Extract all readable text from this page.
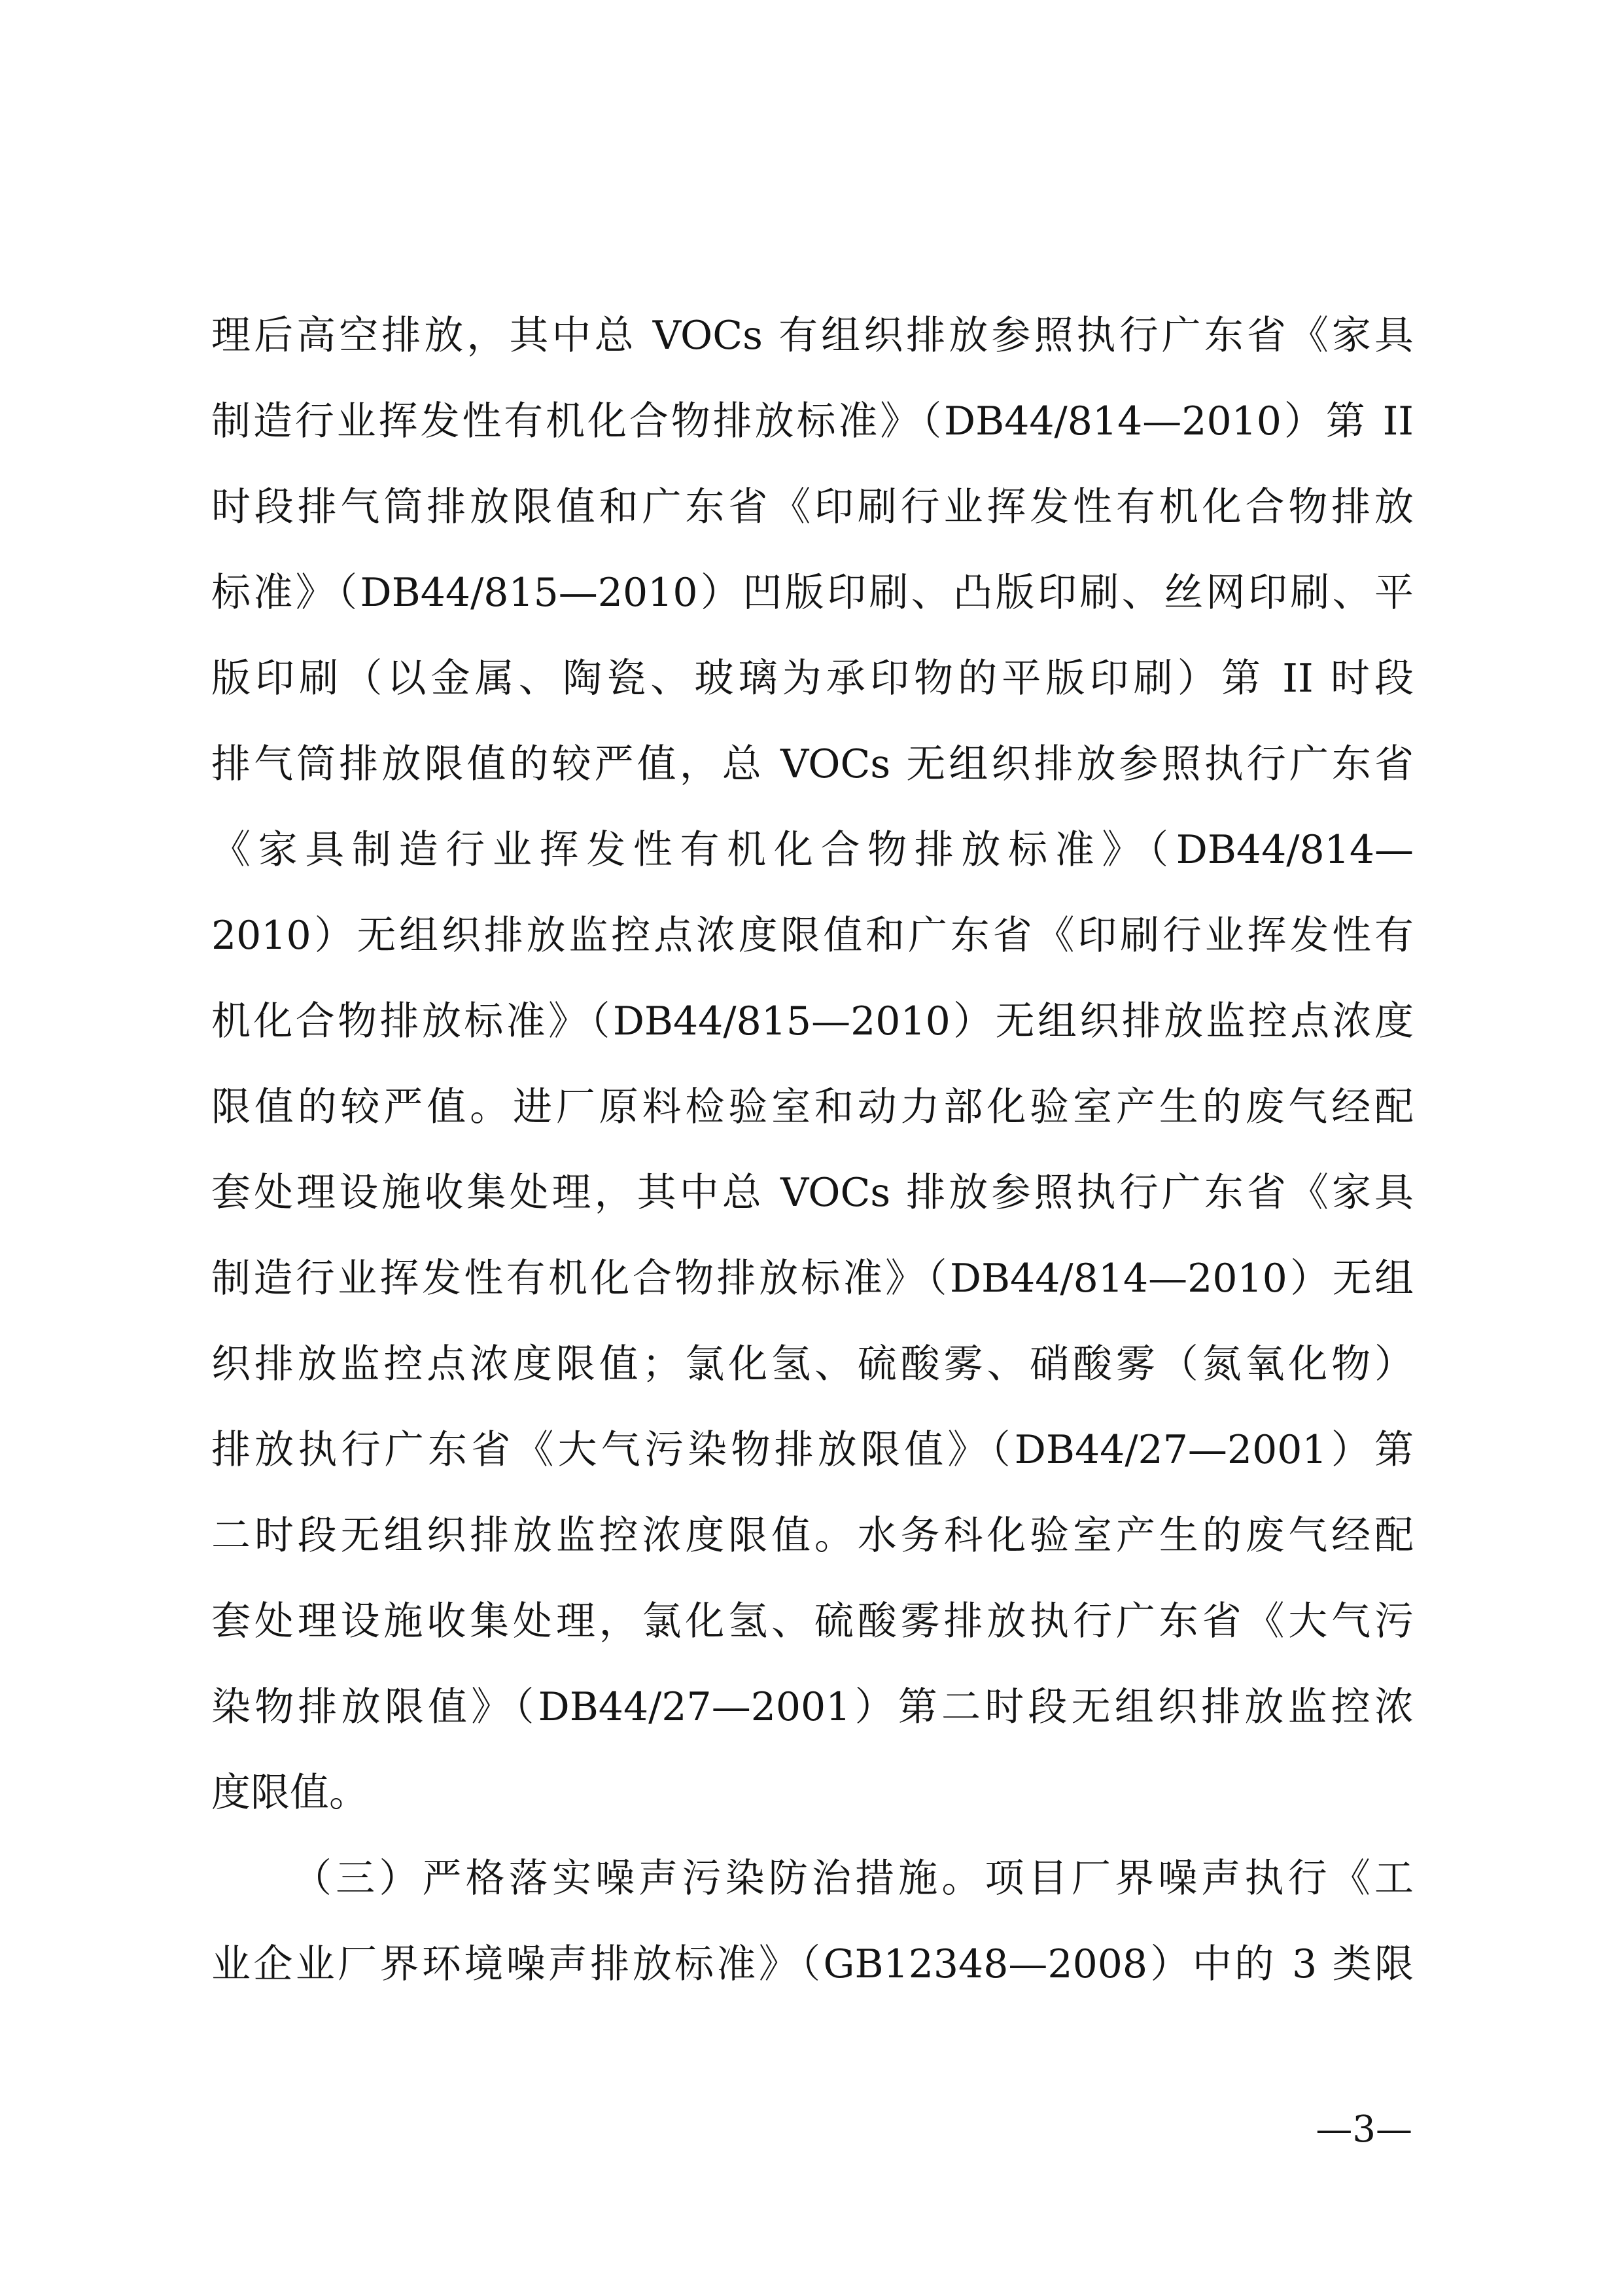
理后高空排放，其中总 VOCs 有组织排放参照执行广东省《家具
制造行业挥发性有机化合物排放标准》（DB44/814—2010）第 II
时段排气筒排放限值和广东省《印刷行业挥发性有机化合物排放
标准》（DB44/815—2010）凹版印刷、凸版印刷、丝网印刷、平
版印刷（以金属、陶瓷、玻璃为承印物的平版印刷）第 II 时段
排气筒排放限值的较严值，总 VOCs 无组织排放参照执行广东省
《家具制造行业挥发性有机化合物排放标准》（DB44/814—
2010）无组织排放监控点浓度限值和广东省《印刷行业挥发性有
机化合物排放标准》（DB44/815—2010）无组织排放监控点浓度
限值的较严值。进厂原料检验室和动力部化验室产生的废气经配
套处理设施收集处理，其中总 VOCs 排放参照执行广东省《家具
制造行业挥发性有机化合物排放标准》（DB44/814—2010）无组
织排放监控点浓度限值；氯化氢、硫酸雾、硝酸雾（氮氧化物）
排放执行广东省《大气污染物排放限值》（DB44/27—2001）第
二时段无组织排放监控浓度限值。水务科化验室产生的废气经配
套处理设施收集处理，氯化氢、硫酸雾排放执行广东省《大气污
染物排放限值》（DB44/27—2001）第二时段无组织排放监控浓
度限值。
（三）严格落实噪声污染防治措施。项目厂界噪声执行《工
业企业厂界环境噪声排放标准》（GB12348—2008）中的 3 类限
—3—
